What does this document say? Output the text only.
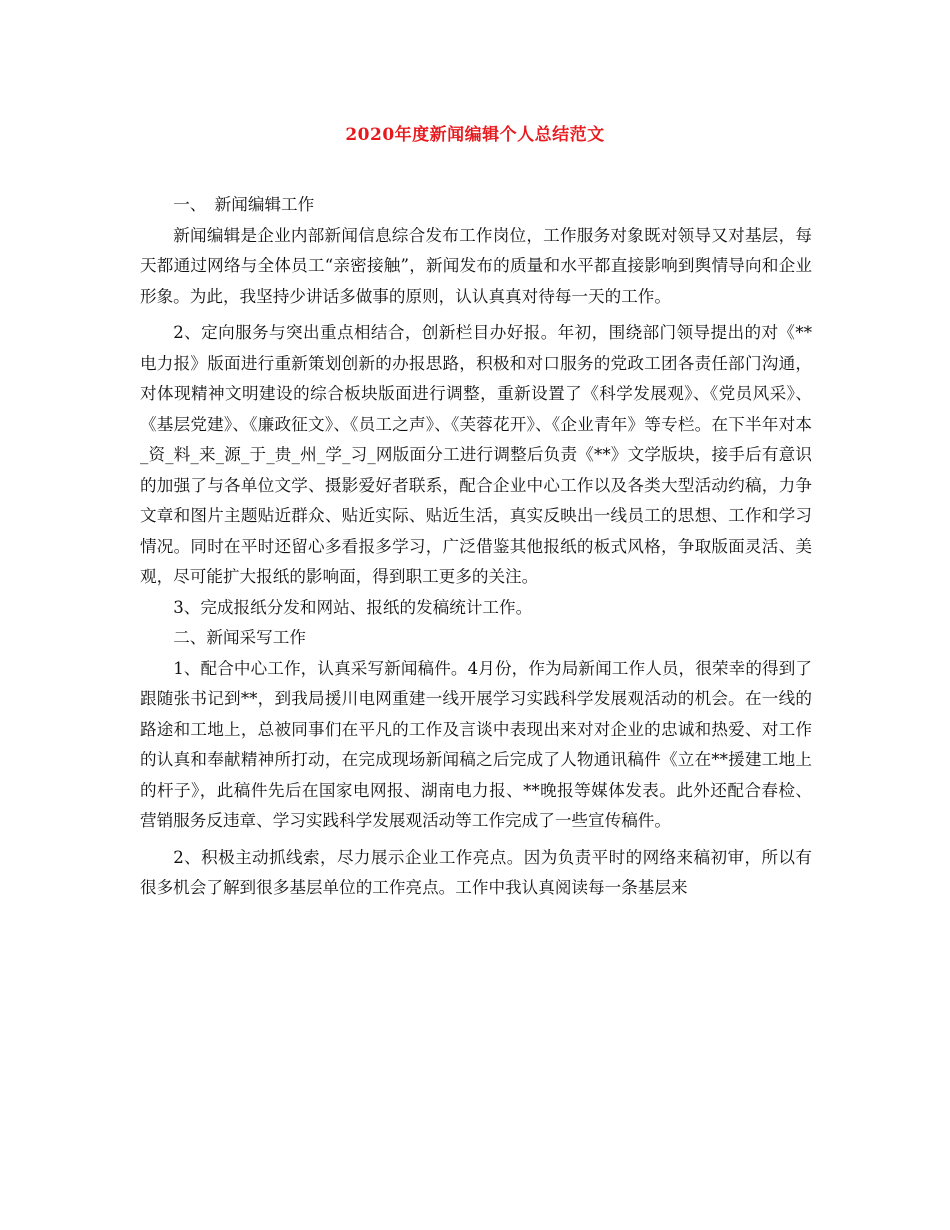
2020年度新闻编辑个人总结范文

一、　新闻编辑工作

新闻编辑是企业内部新闻信息综合发布工作岗位，工作服务对象既对领导又对基层，每天都通过网络与全体员工“亲密接触”，新闻发布的质量和水平都直接影响到舆情导向和企业形象。为此，我坚持少讲话多做事的原则，认认真真对待每一天的工作。

2、定向服务与突出重点相结合，创新栏目办好报。年初，围绕部门领导提出的对《**电力报》版面进行重新策划创新的办报思路，积极和对口服务的党政工团各责任部门沟通，对体现精神文明建设的综合板块版面进行调整，重新设置了《科学发展观》、《党员风采》、《基层党建》、《廉政征文》、《员工之声》、《芙蓉花开》、《企业青年》等专栏。在下半年对本_资_料_来_源_于_贵_州_学_习_网版面分工进行调整后负责《**》文学版块，接手后有意识的加强了与各单位文学、摄影爱好者联系，配合企业中心工作以及各类大型活动约稿，力争文章和图片主题贴近群众、贴近实际、贴近生活，真实反映出一线员工的思想、工作和学习情况。同时在平时还留心多看报多学习，广泛借鉴其他报纸的板式风格，争取版面灵活、美观，尽可能扩大报纸的影响面，得到职工更多的关注。

3、完成报纸分发和网站、报纸的发稿统计工作。

二、新闻采写工作

1、配合中心工作，认真采写新闻稿件。4月份，作为局新闻工作人员，很荣幸的得到了跟随张书记到**，到我局援川电网重建一线开展学习实践科学发展观活动的机会。在一线的路途和工地上，总被同事们在平凡的工作及言谈中表现出来对对企业的忠诚和热爱、对工作的认真和奉献精神所打动，在完成现场新闻稿之后完成了人物通讯稿件《立在**援建工地上的杆子》，此稿件先后在国家电网报、湖南电力报、**晚报等媒体发表。此外还配合春检、营销服务反违章、学习实践科学发展观活动等工作完成了一些宣传稿件。

2、积极主动抓线索，尽力展示企业工作亮点。因为负责平时的网络来稿初审，所以有很多机会了解到很多基层单位的工作亮点。工作中我认真阅读每一条基层来
